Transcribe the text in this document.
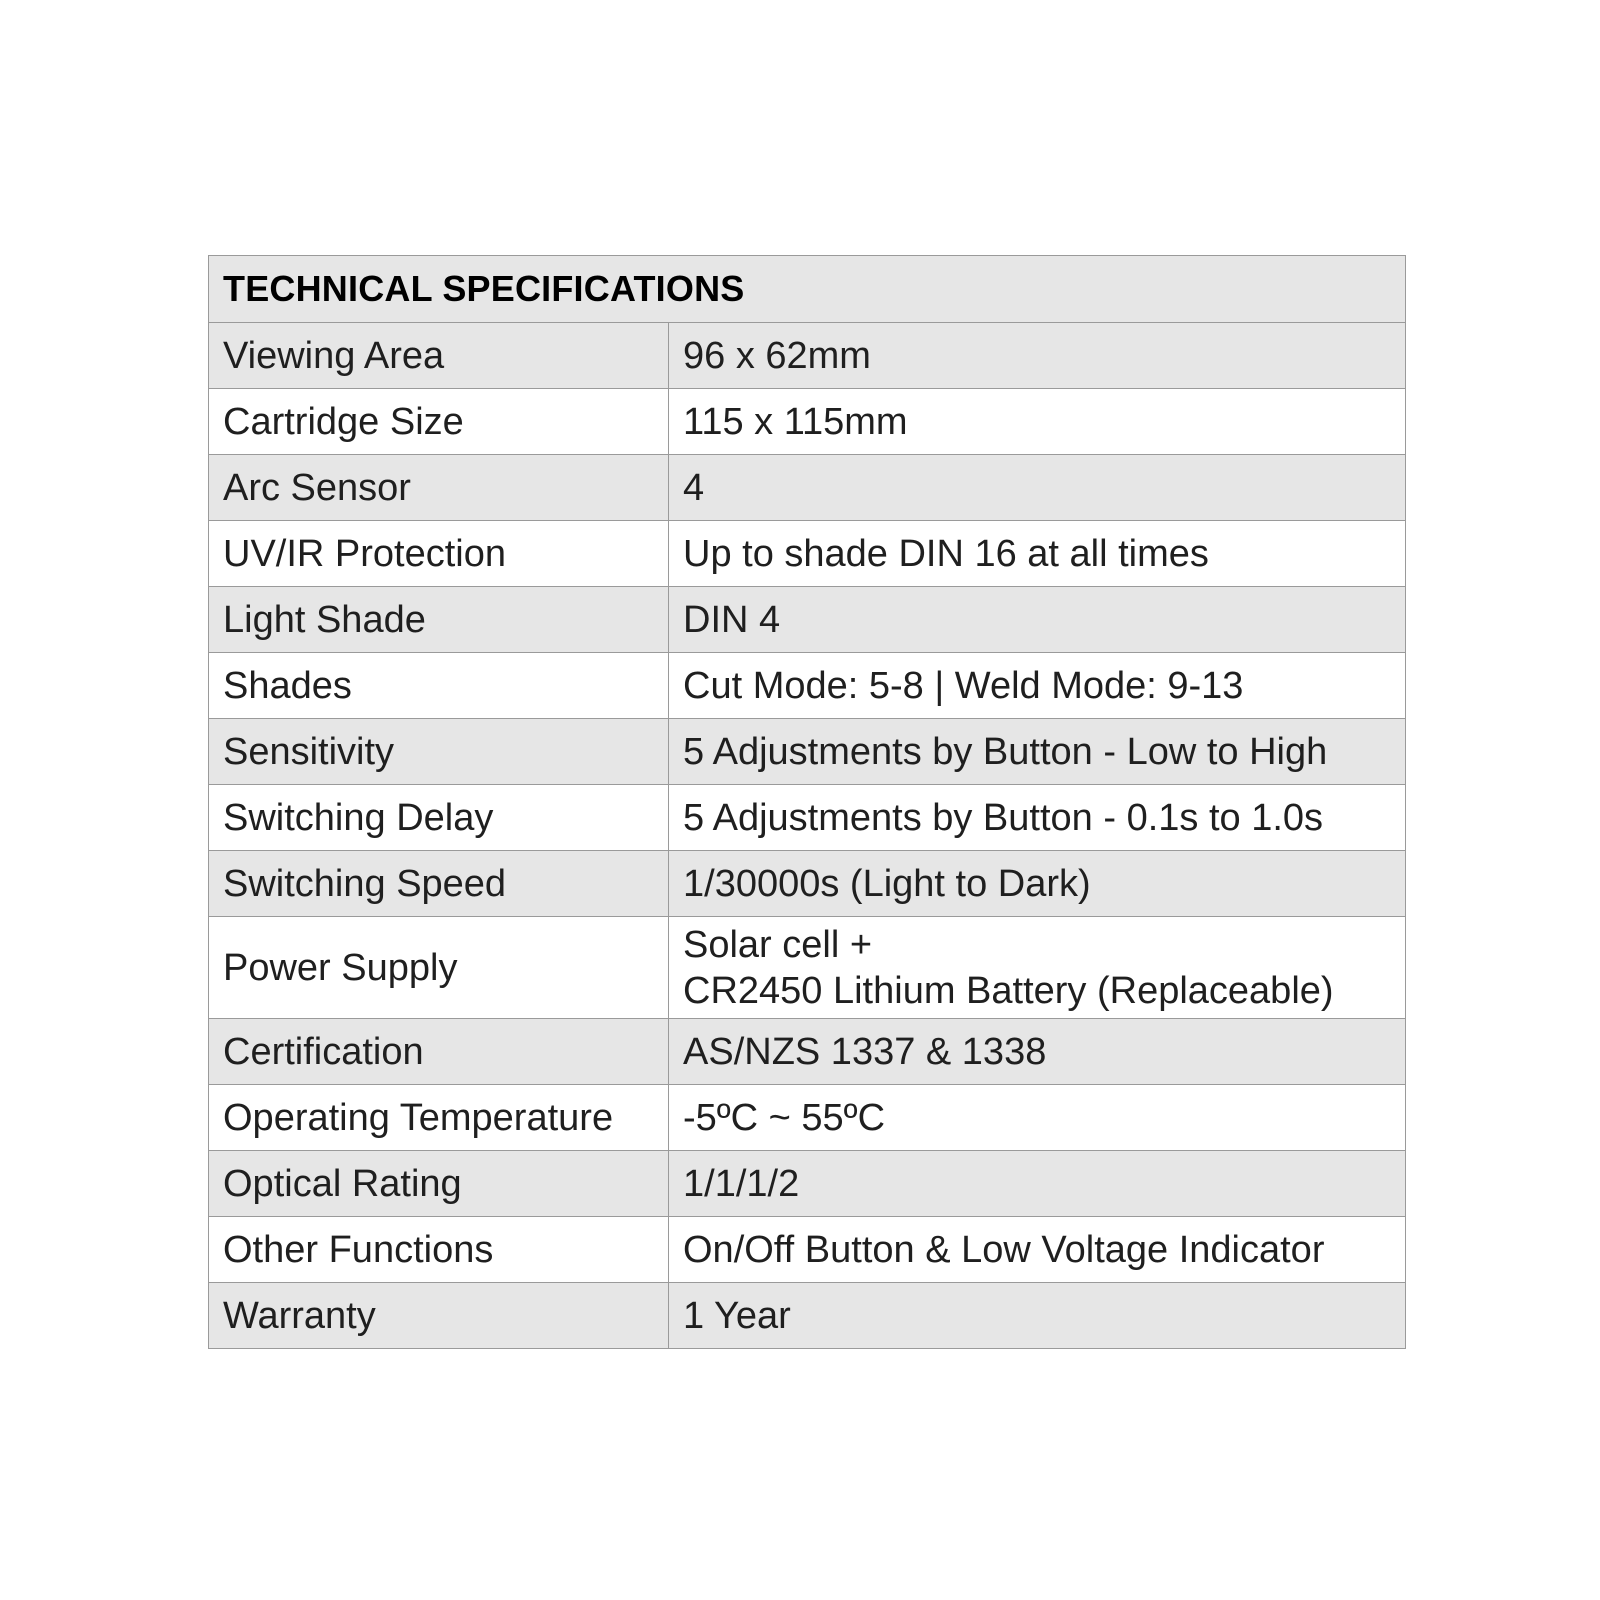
TECHNICAL SPECIFICATIONS	
Viewing Area	96 x 62mm

Cartridge Size	115 x 115mm

Arc Sensor	4

UV/IR Protection	Up to shade DIN 16 at all times

Light Shade	DIN 4

Shades	Cut Mode: 5-8 | Weld Mode: 9-13

Sensitivity	5 Adjustments by Button - Low to High

Switching Delay	5 Adjustments by Button - 0.1s to 1.0s

Switching Speed	1/30000s (Light to Dark)

Power Supply	Solar cell +
CR2450 Lithium Battery (Replaceable)

Certification	AS/NZS 1337 & 1338

Operating Temperature	-5ºC ~ 55ºC

Optical Rating	1/1/1/2

Other Functions	On/Off Button & Low Voltage Indicator

Warranty	1 Year
